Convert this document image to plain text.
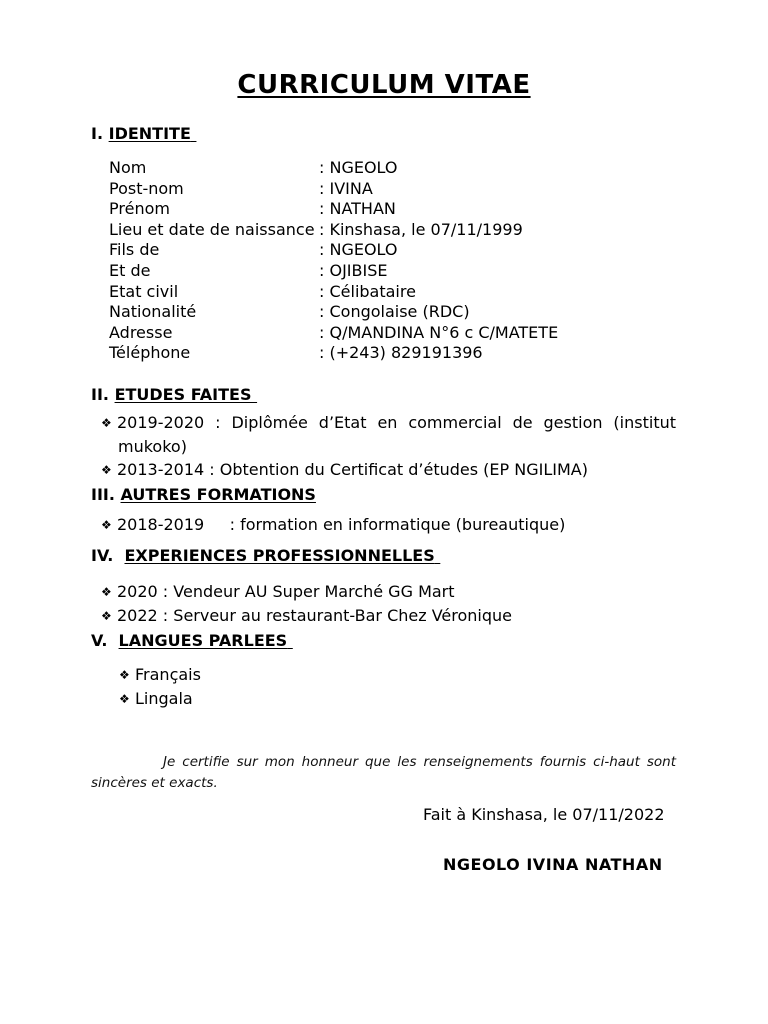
CURRICULUM VITAE
I. IDENTITE
Nom	: NGEOLO
Post-nom	: IVINA
Prénom	: NATHAN
Lieu et date de naissance : Kinshasa, le 07/11/1999
Fils de	: NGEOLO
Et de	: OJIBISE
Etat civil	: Célibataire
Nationalité	: Congolaise (RDC)
Adresse	: Q/MANDINA N°6 c C/MATETE
Téléphone	: (+243) 829191396
II. ETUDES FAITES
❖ 2019-2020 : Diplômée d’Etat en commercial de gestion (institut
mukoko)
❖ 2013-2014 : Obtention du Certificat d’études (EP NGILIMA)
III. AUTRES FORMATIONS
❖ 2018-2019     : formation en informatique (bureautique)
IV. EXPERIENCES PROFESSIONNELLES
❖ 2020 : Vendeur AU Super Marché GG Mart
❖ 2022 : Serveur au restaurant-Bar Chez Véronique
V. LANGUES PARLEES
❖ Français
❖ Lingala
Je certifie sur mon honneur que les renseignements fournis ci-haut sont
sincères et exacts.
Fait à Kinshasa, le 07/11/2022
NGEOLO IVINA NATHAN
